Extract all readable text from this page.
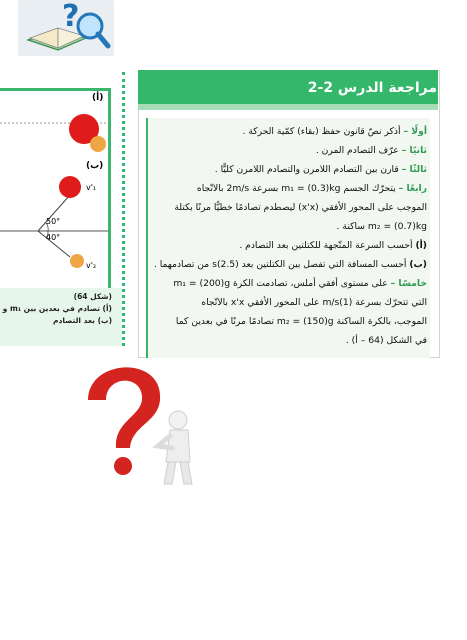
?
(أ)
(ب)
v'₁
v'₂
50°
40°
(شكل 64)
(أ) تصادم في بعدين بين m₁ و
(ب) بعد التصادم
مراجعة الدرس 2-2
أولًا – أذكر نصّ قانون حفظ (بقاء) كمّية الحركة .
ثانيًا – عرّف التصادم المرن .
ثالثًا – قارن بين التصادم اللامرن والتصادم اللامرن كليًّا .
رابعًا – يتحرّك الجسم m₁ = (0.3)kg بسرعة 2m/s بالاتّجاه
الموجب على المحور الأفقي (x'x) ليصطدم تصادمًا خطيًّا مرنًا بكتلة
m₂ = (0.7)kg ساكنة .
(أ) أحسب السرعة المتّجهة للكتلتين بعد التصادم .
(ب) أحسب المسافة التي تفصل بين الكتلتين بعد (2.5)s من تصادمهما .
خامسًا – على مستوى أفقي أملس، تصادمت الكرة m₁ = (200)g
التي تتحرّك بسرعة (1)m/s على المحور الأفقي x'x بالاتّجاه
الموجب، بالكرة الساكنة m₂ = (150)g تصادمًا مرنًا في بعدين كما
في الشكل (64 – أ) .
